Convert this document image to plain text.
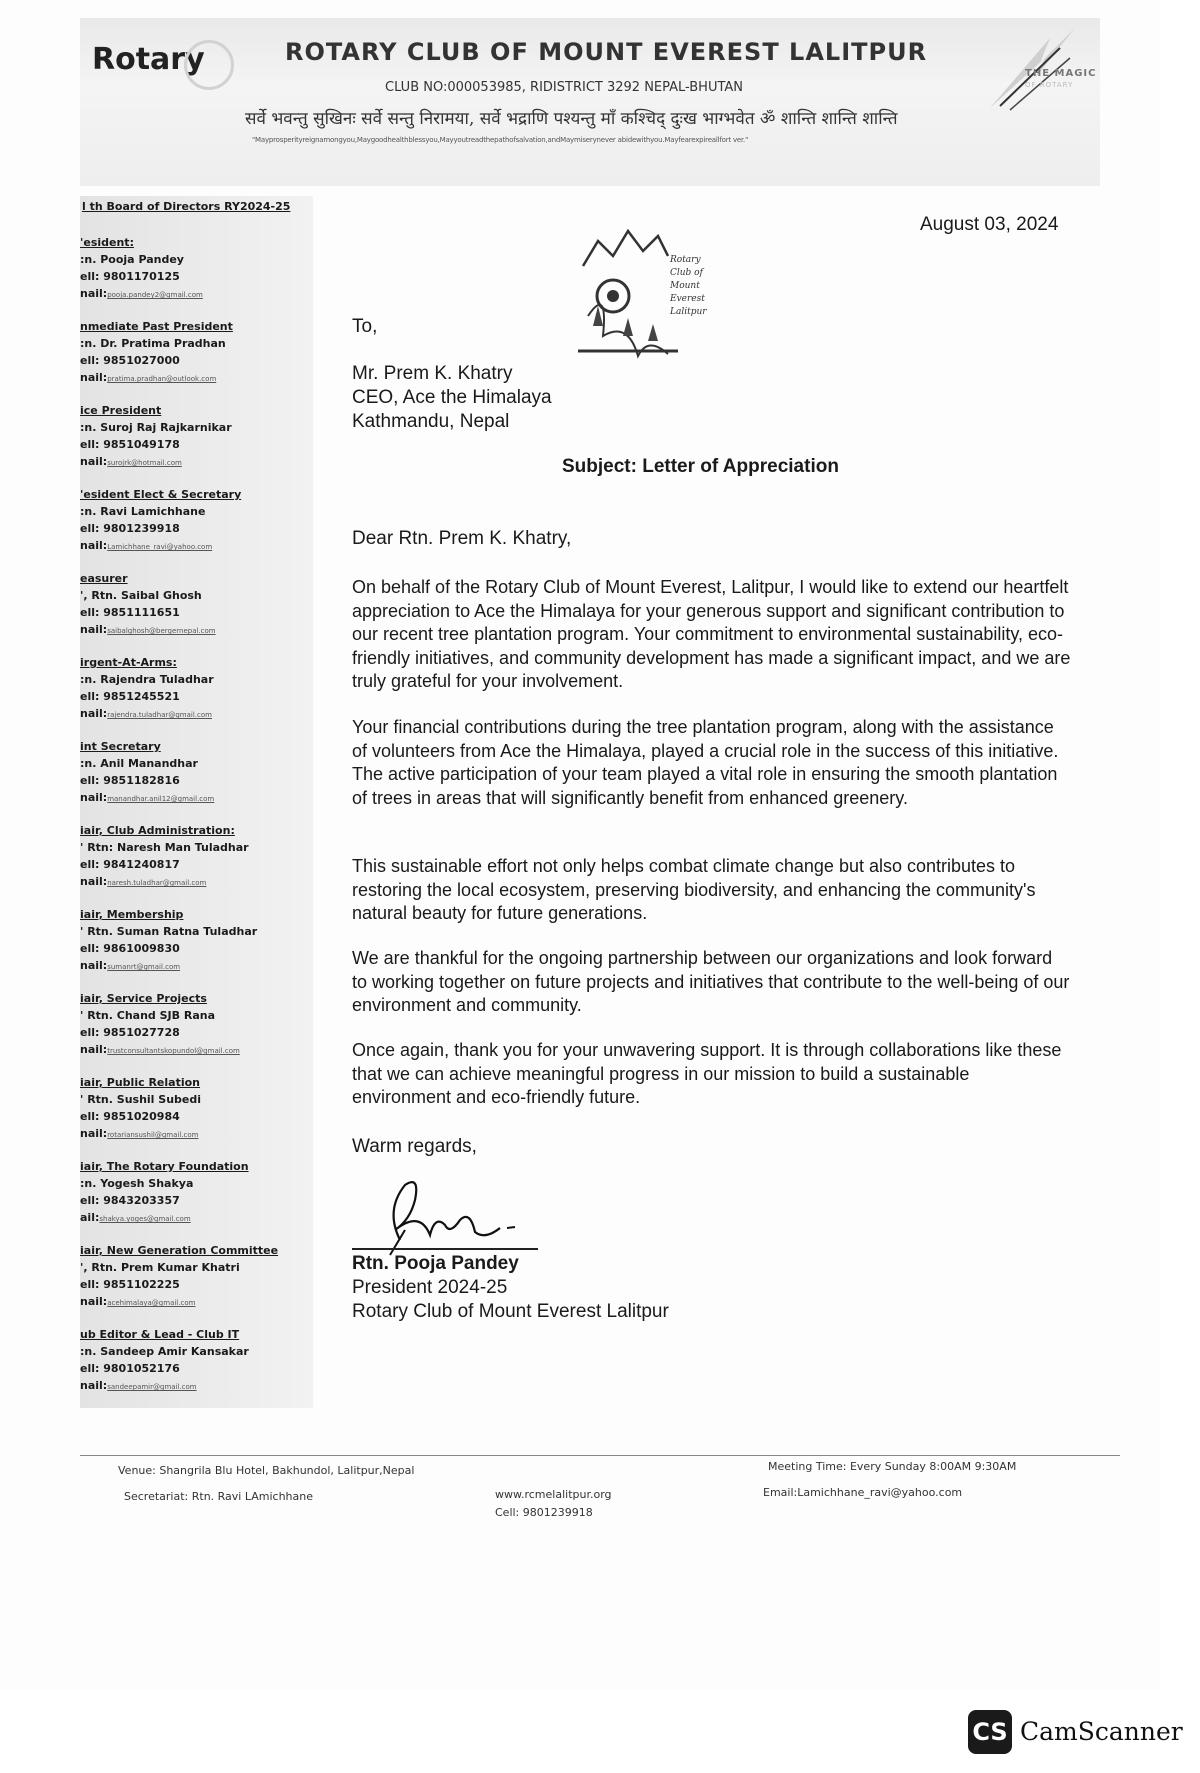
Rotary	ROTARY CLUB OF MOUNT EVEREST LALITPUR
CLUB NO:000053985, RIDISTRICT 3292 NEPAL-BHUTAN
सर्वे भवन्तु सुखिनः सर्वे सन्तु निरामया, सर्वे भद्राणि पश्यन्तु मॉं कश्चिद् दुःख भाग्भवेत ॐ शान्ति शान्ति शान्ति
"Mayprosperityreignamongyou,Maygoodhealthblessyou,Mayyoutreadthepathofsalvation,andMaymiserynever abidewithyou.Mayfearexpireallfort ver."
THE MAGIC
OF ROTARY
l th Board of Directors RY2024-25
'esident:
:n. Pooja Pandey
ell: 9801170125
nail:pooja.pandey2@gmail.com
nmediate Past President
:n. Dr. Pratima Pradhan
ell: 9851027000
nail:pratima.pradhan@outlook.com
ice President
:n. Suroj Raj Rajkarnikar
ell: 9851049178
nail:surojrk@hotmail.com
'esident Elect & Secretary
:n. Ravi Lamichhane
ell: 9801239918
nail:Lamichhane_ravi@yahoo.com
easurer
', Rtn. Saibal Ghosh
ell: 9851111651
nail:saibalghosh@bergernepal.com
irgent-At-Arms:
:n. Rajendra Tuladhar
ell: 9851245521
nail:rajendra.tuladhar@gmail.com
int Secretary
:n. Anil Manandhar
ell: 9851182816
nail:manandhar.anil12@gmail.com
iair, Club Administration:
' Rtn: Naresh Man Tuladhar
ell: 9841240817
nail:naresh.tuladhar@gmail.com
iair, Membership
' Rtn. Suman Ratna Tuladhar
ell: 9861009830
nail:sumanrt@gmail.com
iair, Service Projects
' Rtn. Chand SJB Rana
ell: 9851027728
nail:trustconsultantskopundol@gmail.com
iair, Public Relation
' Rtn. Sushil Subedi
ell: 9851020984
nail:rotariansushil@gmail.com
iair, The Rotary Foundation
:n. Yogesh Shakya
ell: 9843203357
ail:shakya.yoges@gmail.com
iair, New Generation Committee
', Rtn. Prem Kumar Khatri
ell: 9851102225
nail:acehimalaya@gmail.com
ub Editor & Lead - Club IT
:n. Sandeep Amir Kansakar
ell: 9801052176
nail:sandeepamir@gmail.com
August 03, 2024
Rotary
Club of
Mount
Everest
Lalitpur
To,
Mr. Prem K. Khatry
CEO, Ace the Himalaya
Kathmandu, Nepal
Subject: Letter of Appreciation
Dear Rtn. Prem K. Khatry,
On behalf of the Rotary Club of Mount Everest, Lalitpur, I would like to extend our heartfelt appreciation to Ace the Himalaya for your generous support and significant contribution to our recent tree plantation program. Your commitment to environmental sustainability, eco-friendly initiatives, and community development has made a significant impact, and we are truly grateful for your involvement.
Your financial contributions during the tree plantation program, along with the assistance of volunteers from Ace the Himalaya, played a crucial role in the success of this initiative. The active participation of your team played a vital role in ensuring the smooth plantation of trees in areas that will significantly benefit from enhanced greenery.
This sustainable effort not only helps combat climate change but also contributes to restoring the local ecosystem, preserving biodiversity, and enhancing the community's natural beauty for future generations.
We are thankful for the ongoing partnership between our organizations and look forward to working together on future projects and initiatives that contribute to the well-being of our environment and community.
Once again, thank you for your unwavering support. It is through collaborations like these that we can achieve meaningful progress in our mission to build a sustainable environment and eco-friendly future.
Warm regards,
Rtn. Pooja Pandey
President 2024-25
Rotary Club of Mount Everest Lalitpur
Venue: Shangrila Blu Hotel, Bakhundol, Lalitpur,Nepal
Secretariat: Rtn. Ravi LAmichhane	www.rcmelalitpur.org
Cell: 9801239918
Meeting Time: Every Sunday 8:00AM 9:30AM
Email:Lamichhane_ravi@yahoo.com
CS CamScanner
